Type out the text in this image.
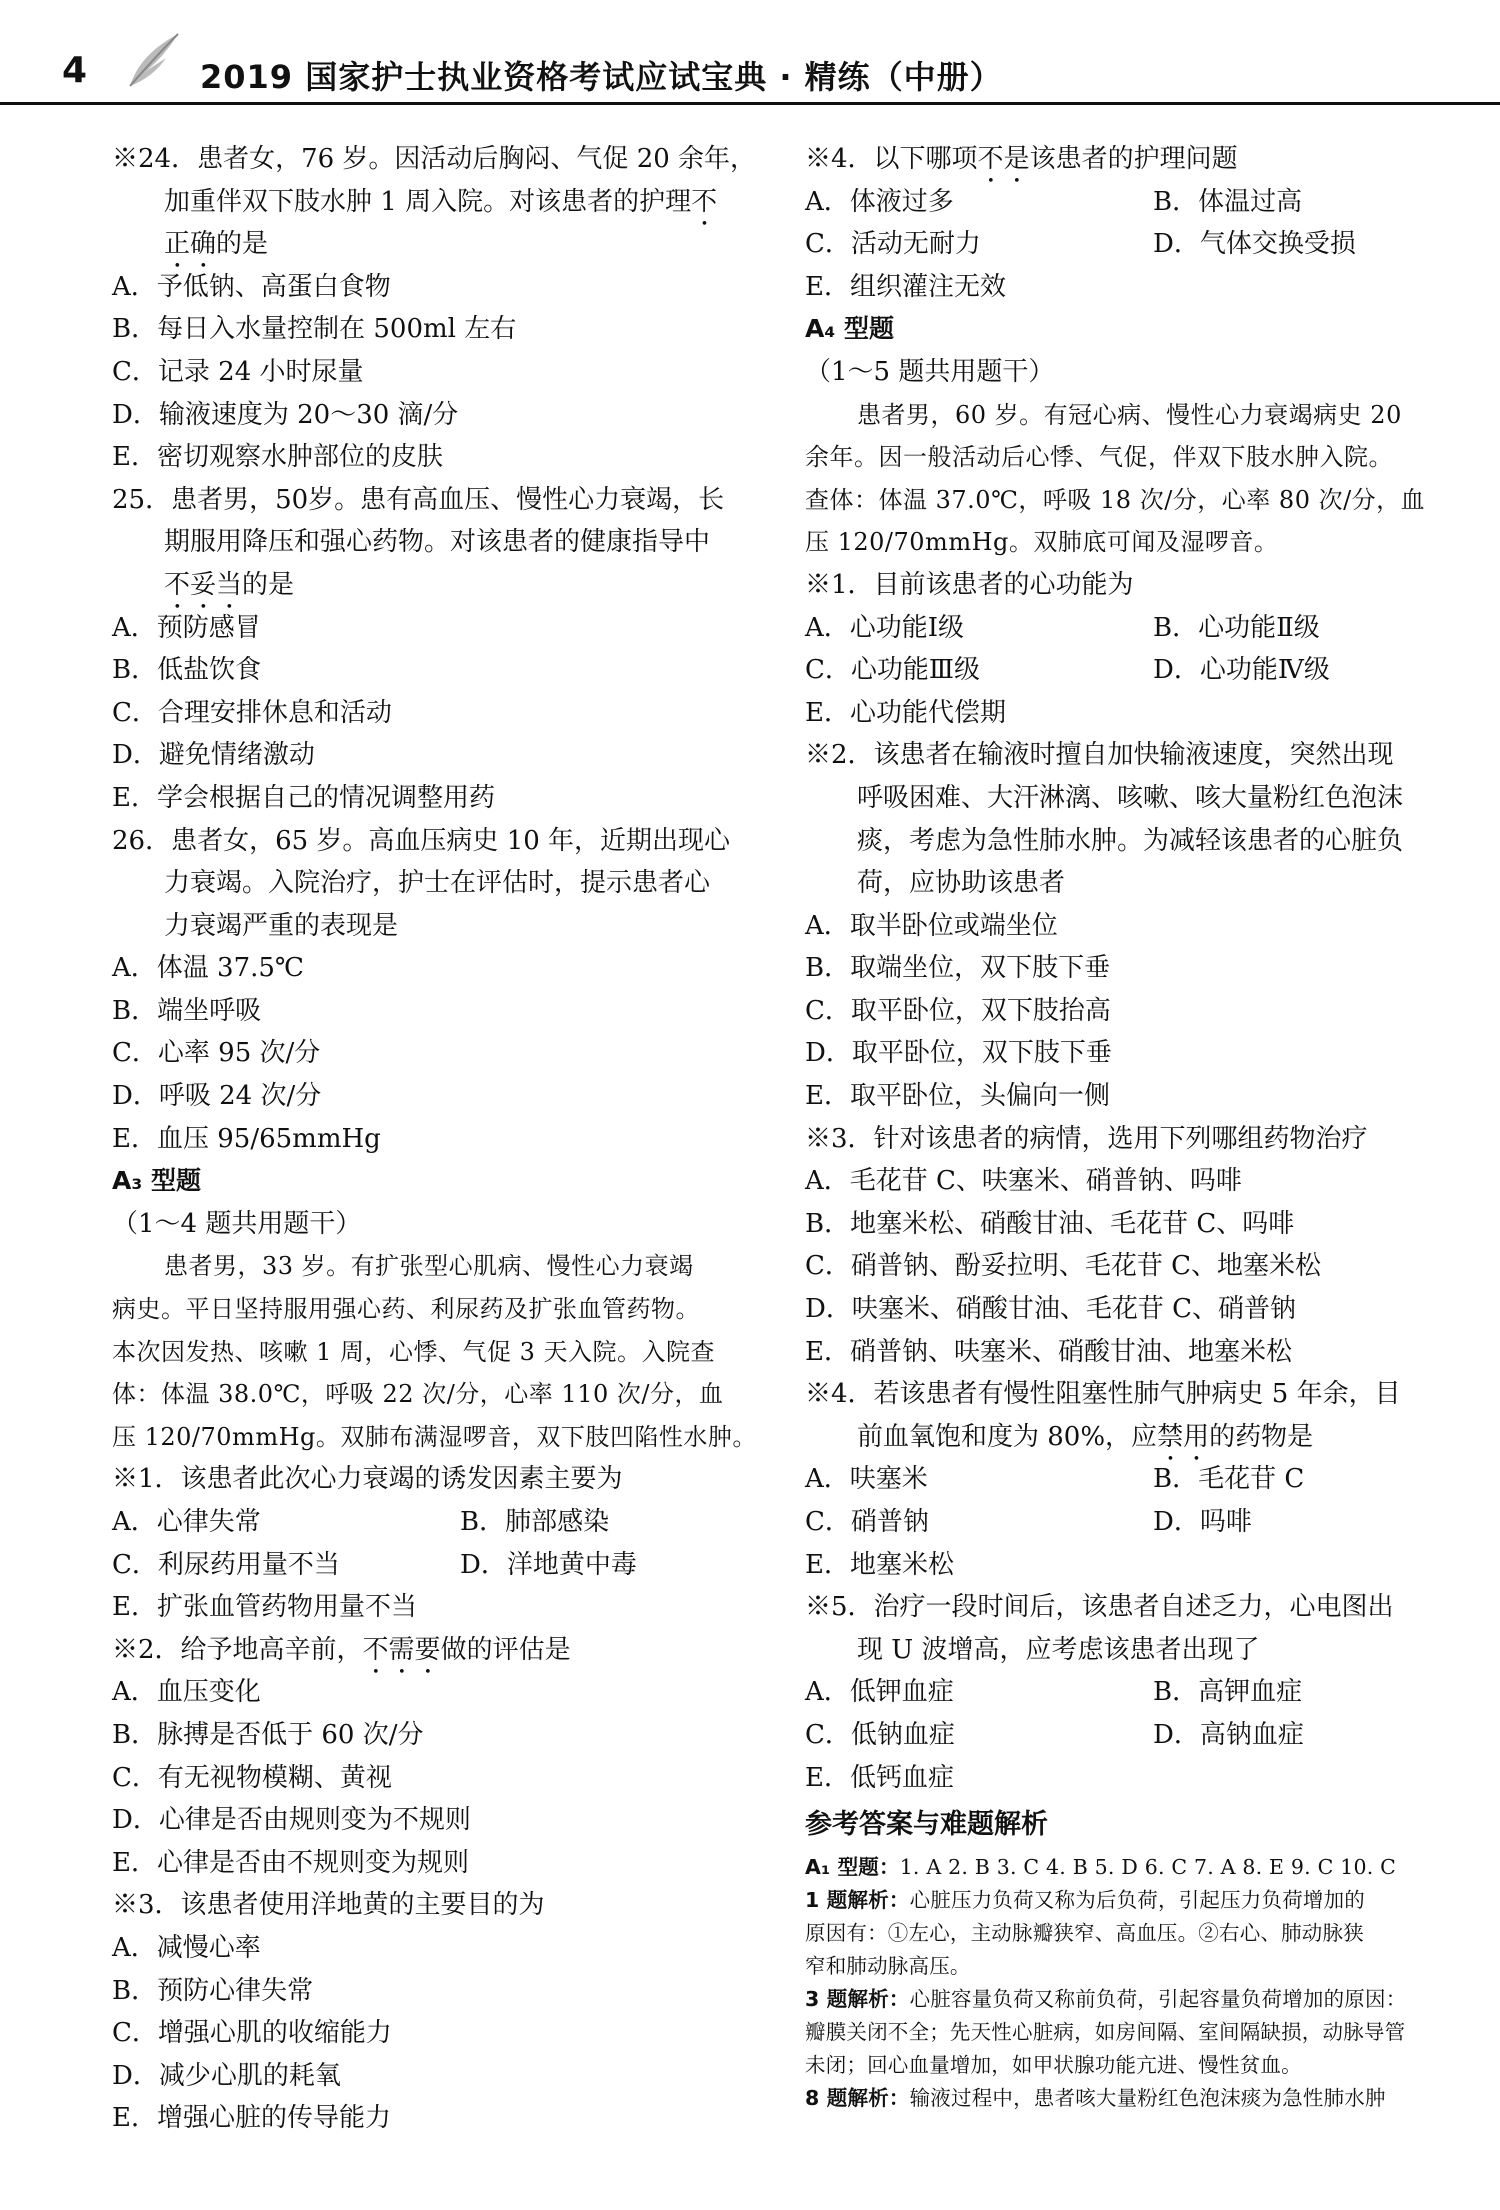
4	2019 国家护士执业资格考试应试宝典 · 精练（中册）
※24．患者女，76 岁。因活动后胸闷、气促 20 余年，
加重伴双下肢水肿 1 周入院。对该患者的护理不
正确的是
A．予低钠、高蛋白食物
B．每日入水量控制在 500ml 左右
C．记录 24 小时尿量
D．输液速度为 20～30 滴/分
E．密切观察水肿部位的皮肤
25．患者男，50岁。患有高血压、慢性心力衰竭，长
期服用降压和强心药物。对该患者的健康指导中
不妥当的是
A．预防感冒
B．低盐饮食
C．合理安排休息和活动
D．避免情绪激动
E．学会根据自己的情况调整用药
26．患者女，65 岁。高血压病史 10 年，近期出现心
力衰竭。入院治疗，护士在评估时，提示患者心
力衰竭严重的表现是
A．体温 37.5℃
B．端坐呼吸
C．心率 95 次/分
D．呼吸 24 次/分
E．血压 95/65mmHg
A₃ 型题
（1～4 题共用题干）
患者男，33 岁。有扩张型心肌病、慢性心力衰竭
病史。平日坚持服用强心药、利尿药及扩张血管药物。
本次因发热、咳嗽 1 周，心悸、气促 3 天入院。入院查
体：体温 38.0℃，呼吸 22 次/分，心率 110 次/分，血
压 120/70mmHg。双肺布满湿啰音，双下肢凹陷性水肿。
※1．该患者此次心力衰竭的诱发因素主要为
A．心律失常	B．肺部感染
C．利尿药用量不当	D．洋地黄中毒
E．扩张血管药物用量不当
※2．给予地高辛前，不需要做的评估是
A．血压变化
B．脉搏是否低于 60 次/分
C．有无视物模糊、黄视
D．心律是否由规则变为不规则
E．心律是否由不规则变为规则
※3．该患者使用洋地黄的主要目的为
A．减慢心率
B．预防心律失常
C．增强心肌的收缩能力
D．减少心肌的耗氧
E．增强心脏的传导能力
※4．以下哪项不是该患者的护理问题
A．体液过多	B．体温过高
C．活动无耐力	D．气体交换受损
E．组织灌注无效
A₄ 型题
（1～5 题共用题干）
患者男，60 岁。有冠心病、慢性心力衰竭病史 20
余年。因一般活动后心悸、气促，伴双下肢水肿入院。
查体：体温 37.0℃，呼吸 18 次/分，心率 80 次/分，血
压 120/70mmHg。双肺底可闻及湿啰音。
※1．目前该患者的心功能为
A．心功能Ⅰ级	B．心功能Ⅱ级
C．心功能Ⅲ级	D．心功能Ⅳ级
E．心功能代偿期
※2．该患者在输液时擅自加快输液速度，突然出现
呼吸困难、大汗淋漓、咳嗽、咳大量粉红色泡沫
痰，考虑为急性肺水肿。为减轻该患者的心脏负
荷，应协助该患者
A．取半卧位或端坐位
B．取端坐位，双下肢下垂
C．取平卧位，双下肢抬高
D．取平卧位，双下肢下垂
E．取平卧位，头偏向一侧
※3．针对该患者的病情，选用下列哪组药物治疗
A．毛花苷 C、呋塞米、硝普钠、吗啡
B．地塞米松、硝酸甘油、毛花苷 C、吗啡
C．硝普钠、酚妥拉明、毛花苷 C、地塞米松
D．呋塞米、硝酸甘油、毛花苷 C、硝普钠
E．硝普钠、呋塞米、硝酸甘油、地塞米松
※4．若该患者有慢性阻塞性肺气肿病史 5 年余，目
前血氧饱和度为 80%，应禁用的药物是
A．呋塞米	B．毛花苷 C
C．硝普钠	D．吗啡
E．地塞米松
※5．治疗一段时间后，该患者自述乏力，心电图出
现 U 波增高，应考虑该患者出现了
A．低钾血症	B．高钾血症
C．低钠血症	D．高钠血症
E．低钙血症
参考答案与难题解析
A₁ 型题：1. A 2. B 3. C 4. B 5. D 6. C 7. A 8. E 9. C 10. C
1 题解析：心脏压力负荷又称为后负荷，引起压力负荷增加的
原因有：①左心，主动脉瓣狭窄、高血压。②右心、肺动脉狭
窄和肺动脉高压。
3 题解析：心脏容量负荷又称前负荷，引起容量负荷增加的原因：
瓣膜关闭不全；先天性心脏病，如房间隔、室间隔缺损，动脉导管
未闭；回心血量增加，如甲状腺功能亢进、慢性贫血。
8 题解析：输液过程中，患者咳大量粉红色泡沫痰为急性肺水肿
